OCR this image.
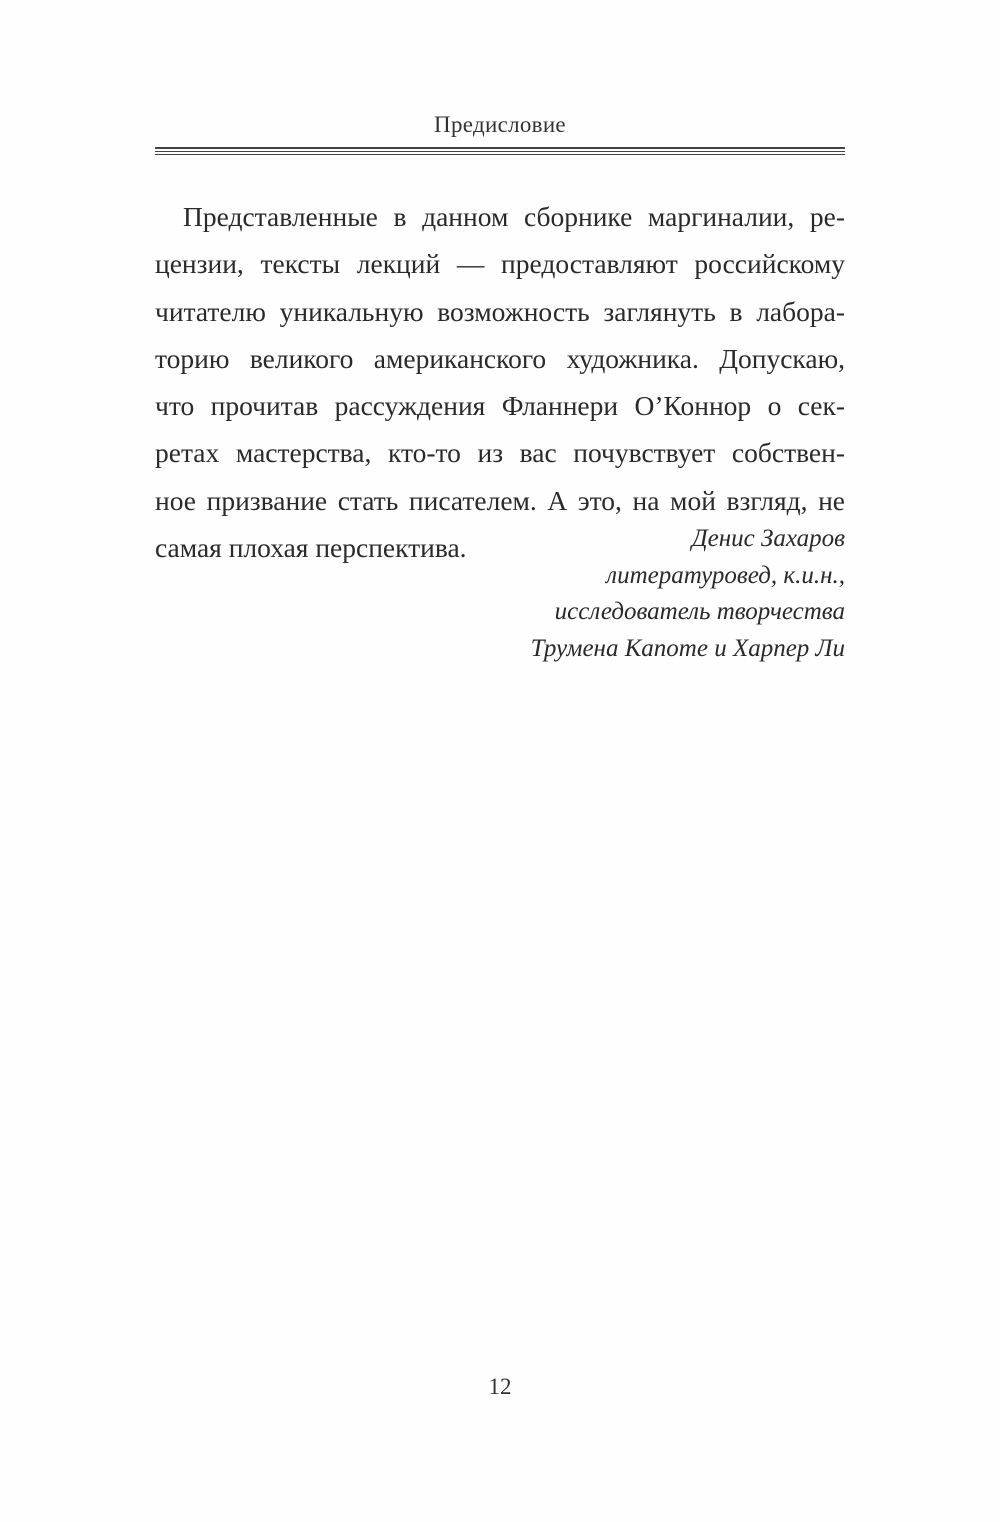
Предисловие
Представленные в данном сборнике маргиналии, ре-
цензии, тексты лекций — предоставляют российскому
читателю уникальную возможность заглянуть в лабора-
торию великого американского художника. Допускаю,
что прочитав рассуждения Фланнери О’Коннор о сек-
ретах мастерства, кто-то из вас почувствует собствен-
ное призвание стать писателем. А это, на мой взгляд, не
самая плохая перспектива.	Денис Захаров
литературовед, к.и.н.,
исследователь творчества
Трумена Капоте и Харпер Ли
12
